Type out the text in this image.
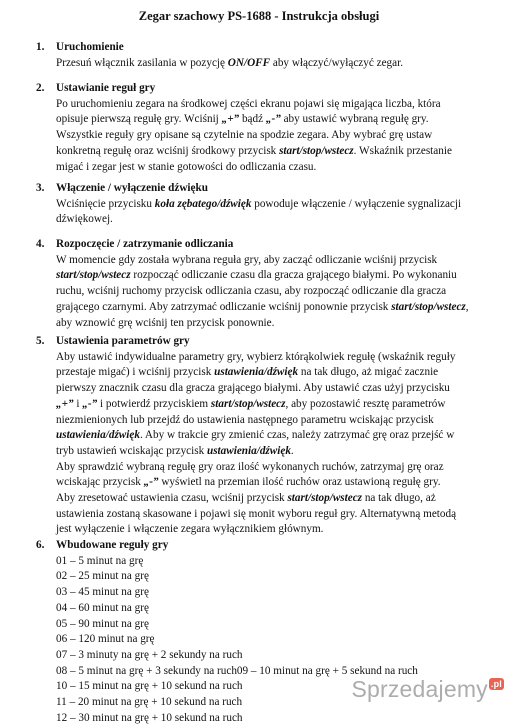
Zegar szachowy PS-1688 - Instrukcja obsługi
1. Uruchomienie
Przesuń włącznik zasilania w pozycję ON/OFF aby włączyć/wyłączyć zegar.
2. Ustawianie reguł gry
Po uruchomieniu zegara na środkowej części ekranu pojawi się migająca liczba, która
opisuje pierwszą regułę gry. Wciśnij „+” bądź „-” aby ustawić wybraną regułę gry.
Wszystkie reguły gry opisane są czytelnie na spodzie zegara. Aby wybrać grę ustaw
konkretną regułę oraz wciśnij środkowy przycisk start/stop/wstecz. Wskaźnik przestanie
migać i zegar jest w stanie gotowości do odliczania czasu.
3. Włączenie / wyłączenie dźwięku
Wciśnięcie przycisku koła zębatego/dźwięk powoduje włączenie / wyłączenie sygnalizacji
dźwiękowej.
4. Rozpoczęcie / zatrzymanie odliczania
W momencie gdy została wybrana reguła gry, aby zacząć odliczanie wciśnij przycisk
start/stop/wstecz rozpocząć odliczanie czasu dla gracza grającego białymi. Po wykonaniu
ruchu, wciśnij ruchomy przycisk odliczania czasu, aby rozpocząć odliczanie dla gracza
grającego czarnymi. Aby zatrzymać odliczanie wciśnij ponownie przycisk start/stop/wstecz,
aby wznowić grę wciśnij ten przycisk ponownie.
5. Ustawienia parametrów gry
Aby ustawić indywidualne parametry gry, wybierz którąkolwiek regułę (wskaźnik reguły
przestaje migać) i wciśnij przycisk ustawienia/dźwięk na tak długo, aż migać zacznie
pierwszy znacznik czasu dla gracza grającego białymi. Aby ustawić czas użyj przycisku
„+” i „-” i potwierdź przyciskiem start/stop/wstecz, aby pozostawić resztę parametrów
niezmienionych lub przejdź do ustawienia następnego parametru wciskając przycisk
ustawienia/dźwięk. Aby w trakcie gry zmienić czas, należy zatrzymać grę oraz przejść w
tryb ustawień wciskając przycisk ustawienia/dźwięk.
Aby sprawdzić wybraną regułę gry oraz ilość wykonanych ruchów, zatrzymaj grę oraz
wciskając przycisk „-” wyświetl na przemian ilość ruchów oraz ustawioną regułę gry.
Aby zresetować ustawienia czasu, wciśnij przycisk start/stop/wstecz na tak długo, aż
ustawienia zostaną skasowane i pojawi się monit wyboru reguł gry. Alternatywną metodą
jest wyłączenie i włączenie zegara wyłącznikiem głównym.
6. Wbudowane reguły gry
01 – 5 minut na grę
02 – 25 minut na grę
03 – 45 minut na grę
04 – 60 minut na grę
05 – 90 minut na grę
06 – 120 minut na grę
07 – 3 minuty na grę + 2 sekundy na ruch
08 – 5 minut na grę + 3 sekundy na ruch09 – 10 minut na grę + 5 sekund na ruch
10 – 15 minut na grę + 10 sekund na ruch
11 – 20 minut na grę + 10 sekund na ruch
12 – 30 minut na grę + 10 sekund na ruch
Sprzedajemy .pl
